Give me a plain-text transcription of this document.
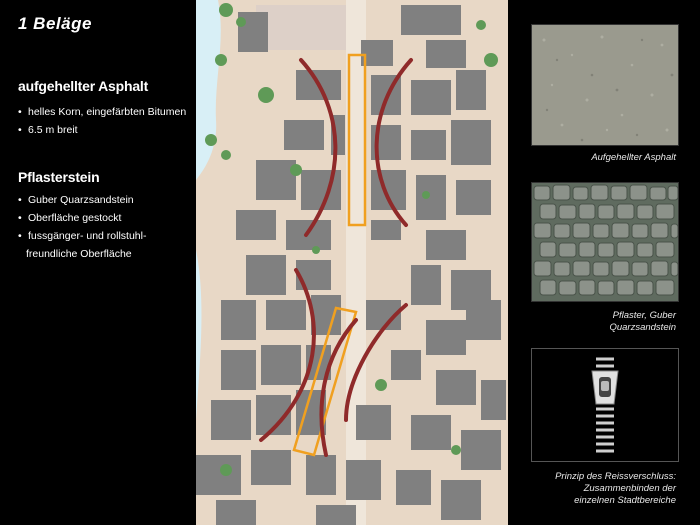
1 Beläge
aufgehellter Asphalt
• helles Korn, eingefärbten Bitumen
• 6.5 m breit
Pflasterstein
• Guber Quarzsandstein
• Oberfläche gestockt
• fussgänger- und rollstuhl-
freundliche Oberfläche
Aufgehellter Asphalt
Pflaster, Guber
Quarzsandstein
Prinzip des Reissverschluss:
Zusammenbinden der
einzelnen Stadtbereiche
